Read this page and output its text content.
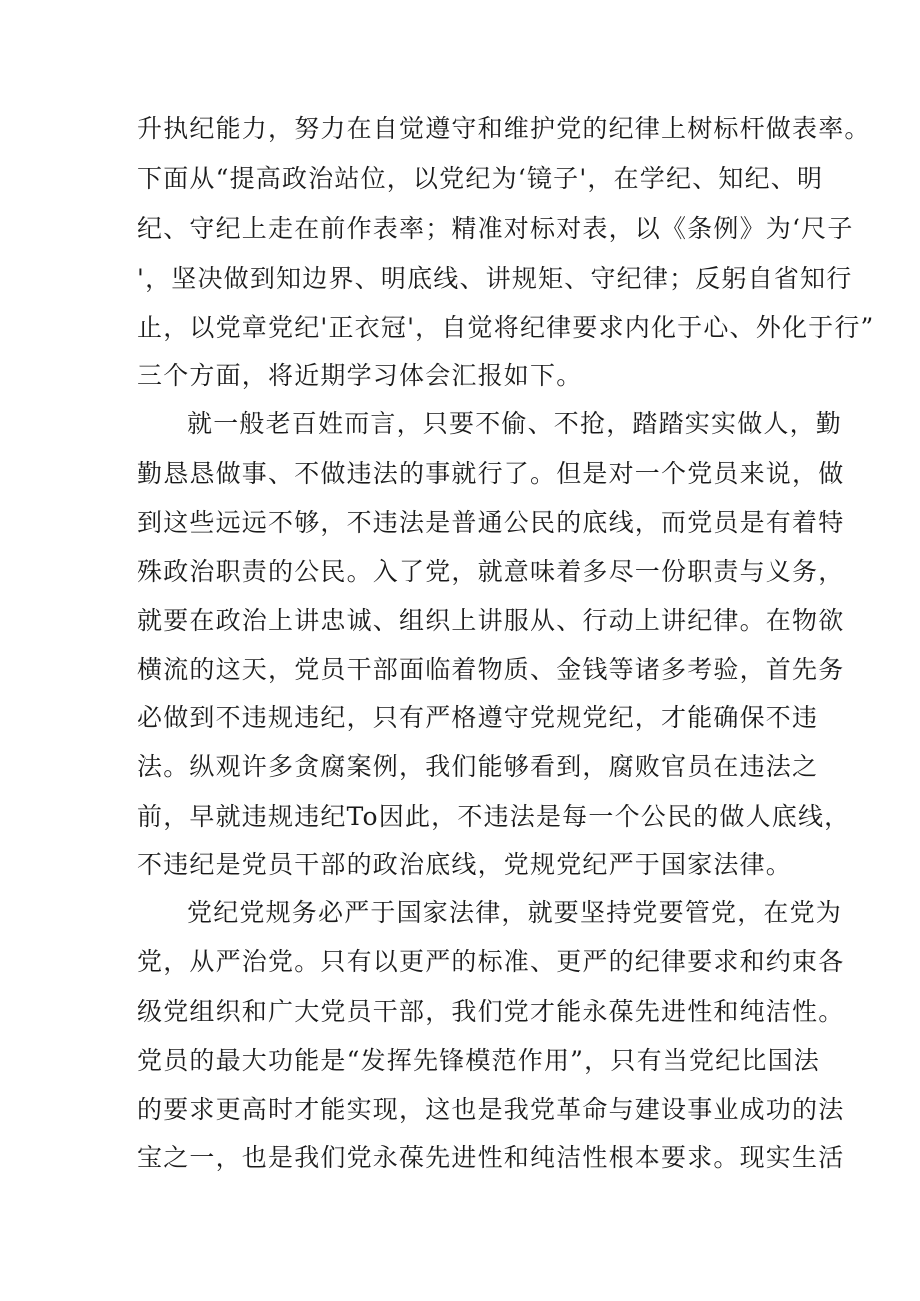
升执纪能力，努力在自觉遵守和维护党的纪律上树标杆做表率。
下面从“提高政治站位，以党纪为‘镜子'，在学纪、知纪、明
纪、守纪上走在前作表率；精准对标对表，以《条例》为‘尺子
'，坚决做到知边界、明底线、讲规矩、守纪律；反躬自省知行
止，以党章党纪'正衣冠'，自觉将纪律要求内化于心、外化于行”
三个方面，将近期学习体会汇报如下。
就一般老百姓而言，只要不偷、不抢，踏踏实实做人，勤
勤恳恳做事、不做违法的事就行了。但是对一个党员来说，做
到这些远远不够，不违法是普通公民的底线，而党员是有着特
殊政治职责的公民。入了党，就意味着多尽一份职责与义务，
就要在政治上讲忠诚、组织上讲服从、行动上讲纪律。在物欲
横流的这天，党员干部面临着物质、金钱等诸多考验，首先务
必做到不违规违纪，只有严格遵守党规党纪，才能确保不违
法。纵观许多贪腐案例，我们能够看到，腐败官员在违法之
前，早就违规违纪To因此，不违法是每一个公民的做人底线，
不违纪是党员干部的政治底线，党规党纪严于国家法律。
党纪党规务必严于国家法律，就要坚持党要管党，在党为
党，从严治党。只有以更严的标准、更严的纪律要求和约束各
级党组织和广大党员干部，我们党才能永葆先进性和纯洁性。
党员的最大功能是“发挥先锋模范作用”，只有当党纪比国法
的要求更高时才能实现，这也是我党革命与建设事业成功的法
宝之一，也是我们党永葆先进性和纯洁性根本要求。现实生活
